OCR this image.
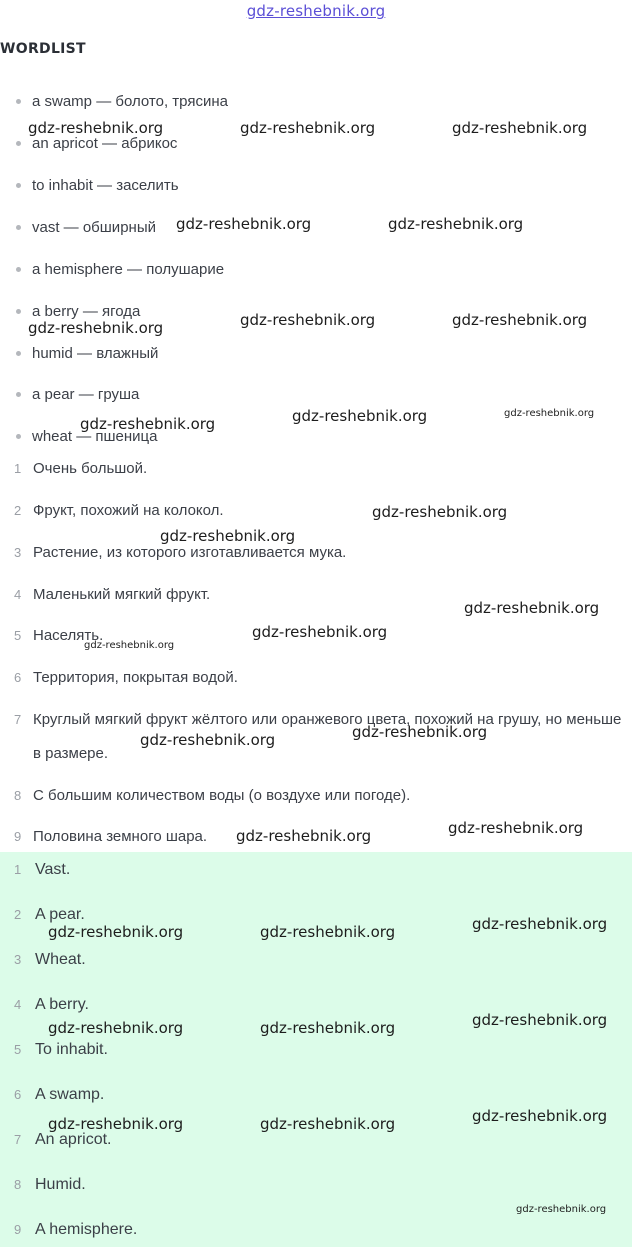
gdz-reshebnik.org
WORDLIST
a swamp — болото, трясина
an apricot — абрикос
to inhabit — заселить
vast — обширный
a hemisphere — полушарие
a berry — ягода
humid — влажный
a pear — груша
wheat — пшеница
1 Очень большой.
2 Фрукт, похожий на колокол.
3 Растение, из которого изготавливается мука.
4 Маленький мягкий фрукт.
5 Населять.
6 Территория, покрытая водой.
7 Круглый мягкий фрукт жёлтого или оранжевого цвета, похожий на грушу, но меньше в размере.
8 С большим количеством воды (о воздухе или погоде).
9 Половина земного шара.
1 Vast.
2 A pear.
3 Wheat.
4 A berry.
5 To inhabit.
6 A swamp.
7 An apricot.
8 Humid.
9 A hemisphere.
gdz-reshebnik.org	gdz-reshebnik.org	gdz-reshebnik.org
gdz-reshebnik.org	gdz-reshebnik.org
gdz-reshebnik.org	gdz-reshebnik.org	gdz-reshebnik.org
gdz-reshebnik.org	gdz-reshebnik.org	gdz-reshebnik.org
gdz-reshebnik.org
gdz-reshebnik.org
gdz-reshebnik.org
gdz-reshebnik.org
gdz-reshebnik.org
gdz-reshebnik.org
gdz-reshebnik.org
gdz-reshebnik.org
gdz-reshebnik.org
gdz-reshebnik.org	gdz-reshebnik.org	gdz-reshebnik.org
gdz-reshebnik.org	gdz-reshebnik.org	gdz-reshebnik.org
gdz-reshebnik.org	gdz-reshebnik.org	gdz-reshebnik.org
gdz-reshebnik.org
